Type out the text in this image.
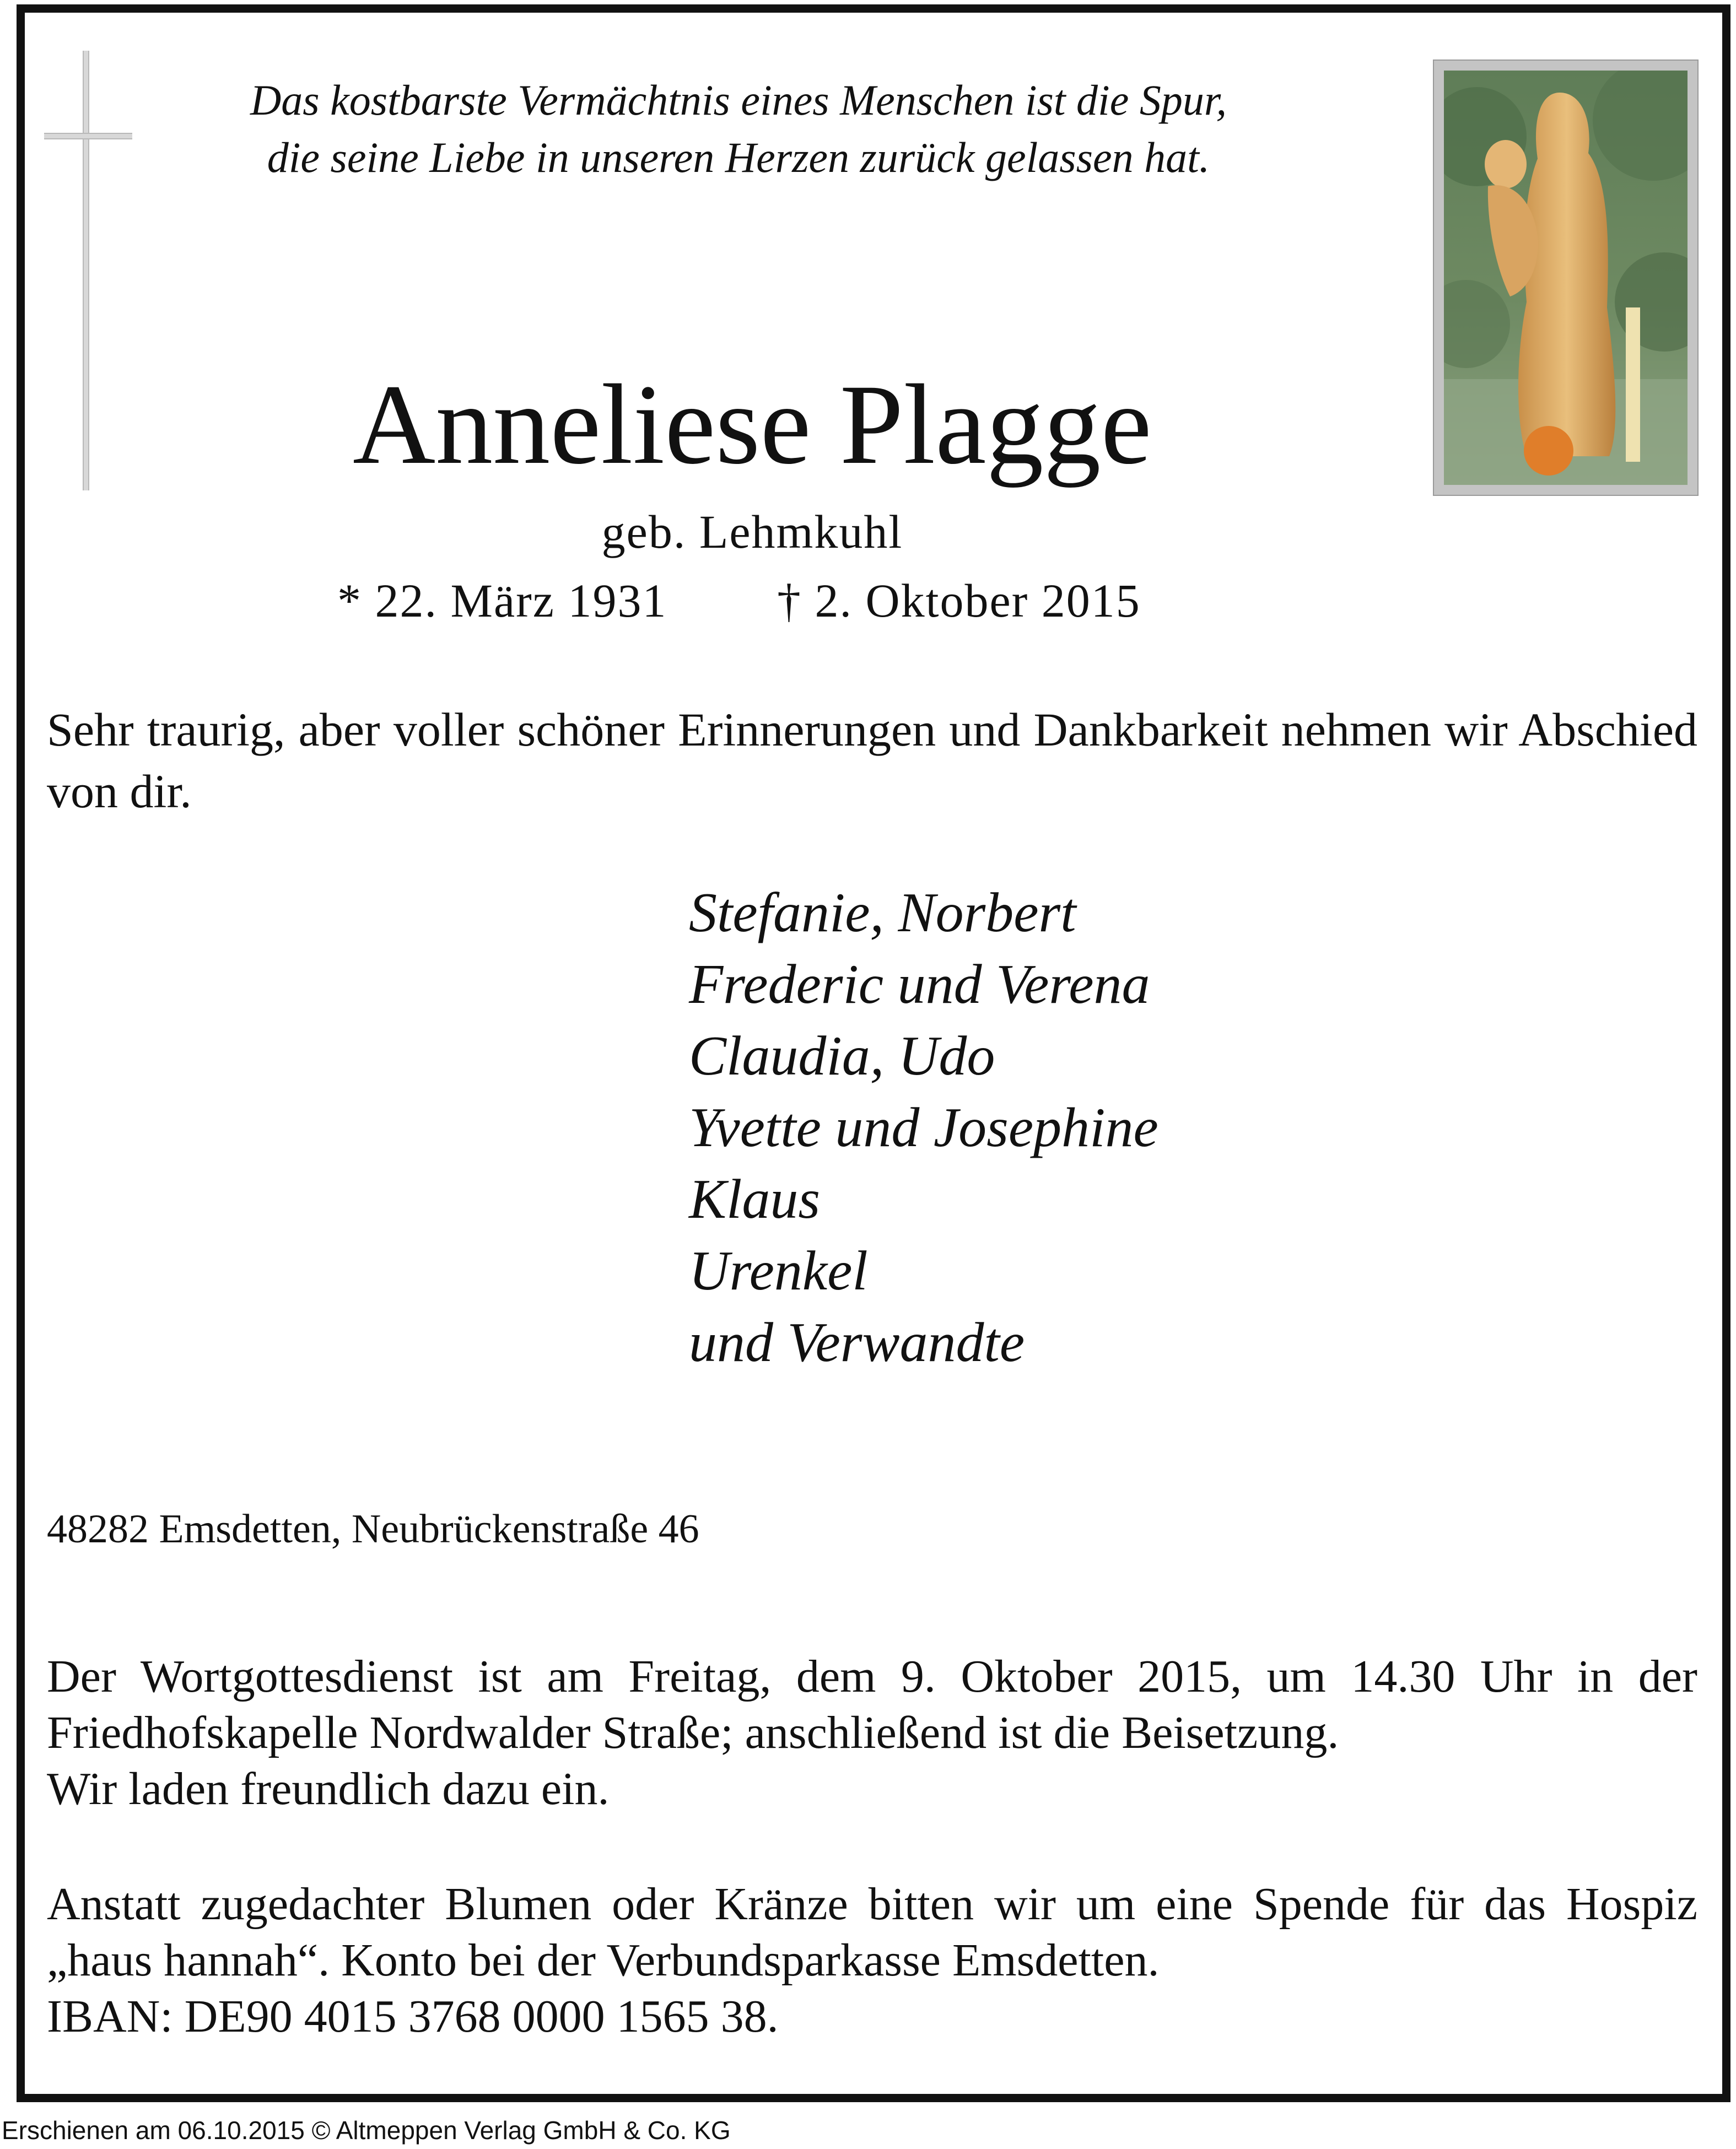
Das kostbarste Vermächtnis eines Menschen ist die Spur,
die seine Liebe in unseren Herzen zurück gelassen hat.
Anneliese Plagge
geb. Lehmkuhl
* 22. März 1931 † 2. Oktober 2015
Sehr traurig, aber voller schöner Erinnerungen und Dankbarkeit nehmen wir Abschied von dir.
Stefanie, Norbert
Frederic und Verena
Claudia, Udo
Yvette und Josephine
Klaus
Urenkel
und Verwandte
48282 Emsdetten, Neubrückenstraße 46
Der Wortgottesdienst ist am Freitag, dem 9. Oktober 2015, um 14.30 Uhr in der
Friedhofskapelle Nordwalder Straße; anschließend ist die Beisetzung.
Wir laden freundlich dazu ein.
Anstatt zugedachter Blumen oder Kränze bitten wir um eine Spende für das Hospiz
„haus hannah“. Konto bei der Verbundsparkasse Emsdetten.
IBAN: DE90 4015 3768 0000 1565 38.
Erschienen am 06.10.2015 © Altmeppen Verlag GmbH & Co. KG
